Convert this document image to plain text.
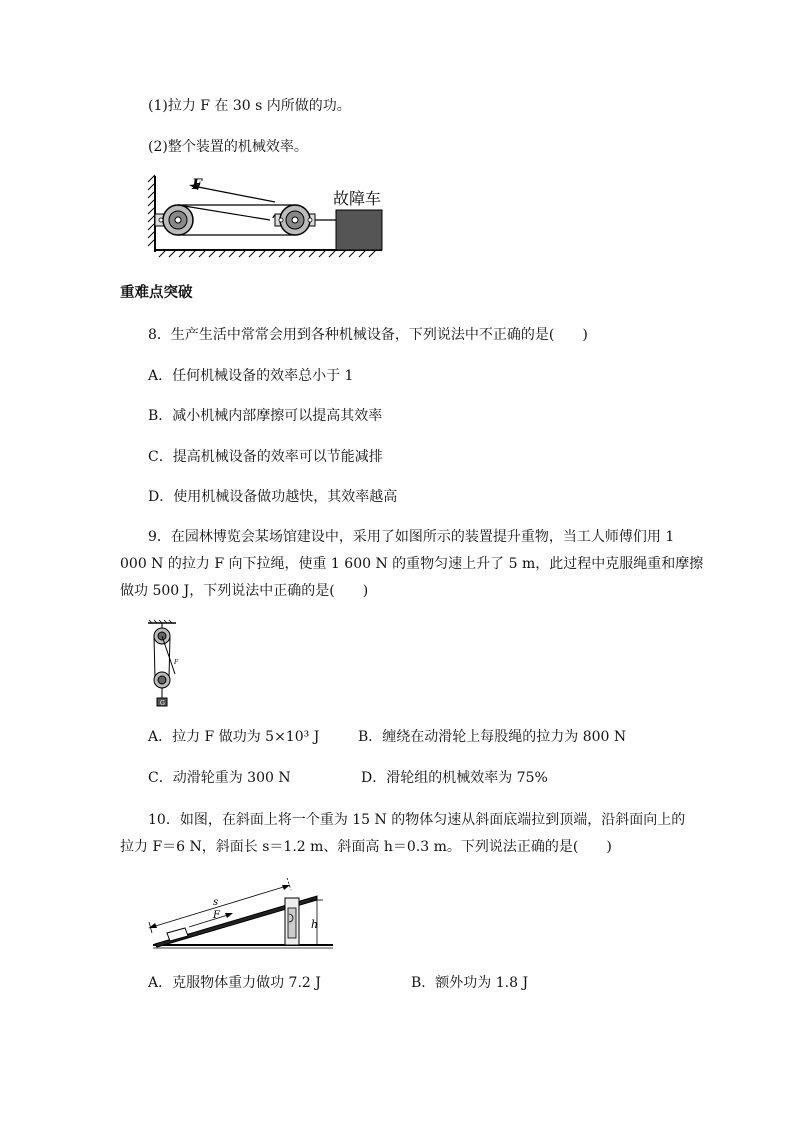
(1)拉力 F 在 30 s 内所做的功。
(2)整个装置的机械效率。
F
故障车
重难点突破
8．生产生活中常常会用到各种机械设备，下列说法中不正确的是(　　)
A．任何机械设备的效率总小于 1
B．减小机械内部摩擦可以提高其效率
C．提高机械设备的效率可以节能减排
D．使用机械设备做功越快，其效率越高
9．在园林博览会某场馆建设中，采用了如图所示的装置提升重物，当工人师傅们用 1
000 N 的拉力 F 向下拉绳，使重 1 600 N 的重物匀速上升了 5 m，此过程中克服绳重和摩擦
做功 500 J，下列说法中正确的是(　　)
F
G
A．拉力 F 做功为 5×10³ J	B．缠绕在动滑轮上每股绳的拉力为 800 N
C．动滑轮重为 300 N	D．滑轮组的机械效率为 75%
10．如图，在斜面上将一个重为 15 N 的物体匀速从斜面底端拉到顶端，沿斜面向上的
拉力 F＝6 N，斜面长 s＝1.2 m、斜面高 h＝0.3 m。下列说法正确的是(　　)
h
s
F
A．克服物体重力做功 7.2 J	B．额外功为 1.8 J
